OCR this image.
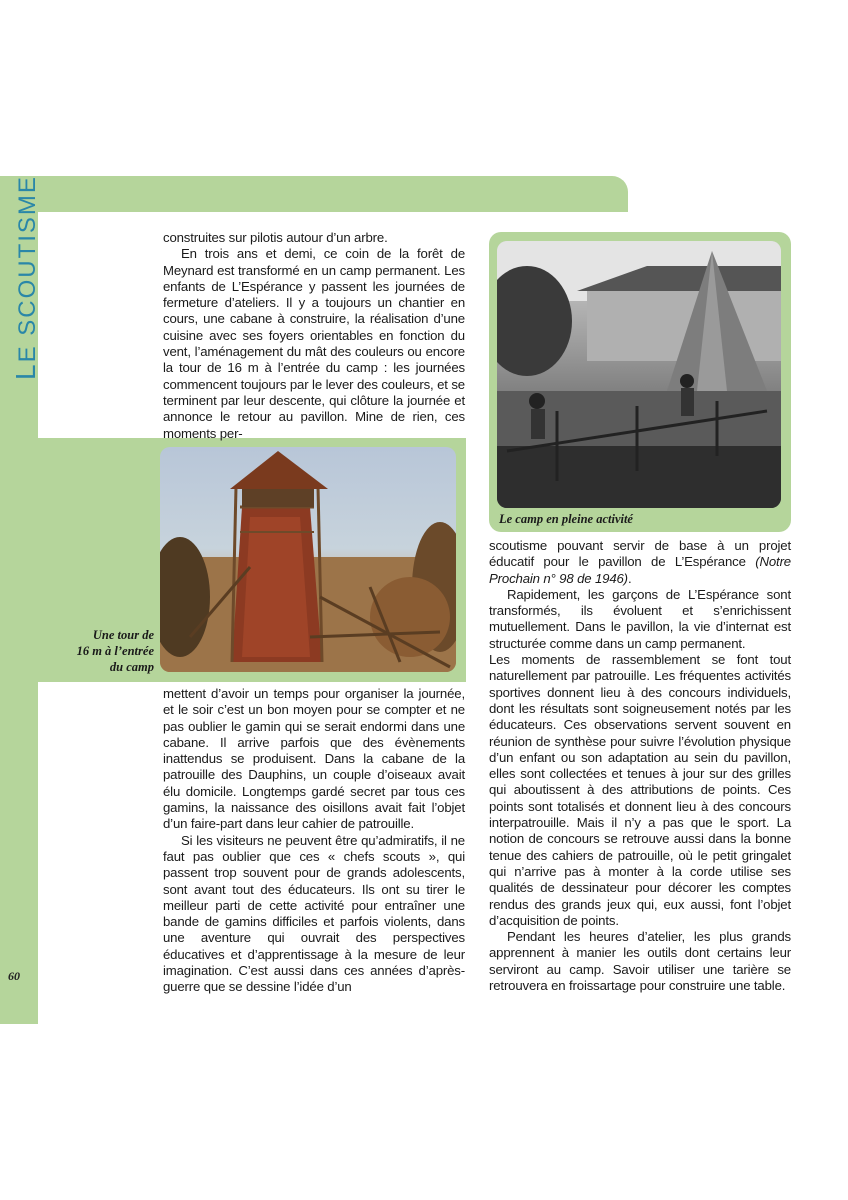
LE SCOUTISME
60
Une tour de
16 m à l’entrée
du camp
Le camp en pleine activité

construites sur pilotis autour d’un arbre.

En trois ans et demi, ce coin de la forêt de Meynard est transformé en un camp permanent. Les enfants de L’Espérance y passent les journées de fermeture d’ateliers. Il y a toujours un chantier en cours, une cabane à construire, la réalisation d’une cuisine avec ses foyers orientables en fonction du vent, l’aménagement du mât des couleurs ou encore la tour de 16 m à l’entrée du camp : les journées commencent toujours par le lever des couleurs, et se terminent par leur descente, qui clôture la journée et annonce le retour au pavillon. Mine de rien, ces moments per-

mettent d’avoir un temps pour organiser la journée, et le soir c’est un bon moyen pour se compter et ne pas oublier le gamin qui se serait endormi dans une cabane. Il arrive parfois que des évènements inattendus se produisent. Dans la cabane de la patrouille des Dauphins, un couple d’oiseaux avait élu domicile. Longtemps gardé secret par tous ces gamins, la naissance des oisillons avait fait l’objet d’un faire-part dans leur cahier de patrouille.

Si les visiteurs ne peuvent être qu’admiratifs, il ne faut pas oublier que ces « chefs scouts », qui passent trop souvent pour de grands adolescents, sont avant tout des éducateurs. Ils ont su tirer le meilleur parti de cette activité pour entraîner une bande de gamins difficiles et parfois violents, dans une aventure qui ouvrait des perspectives éducatives et d’apprentissage à la mesure de leur imagination. C’est aussi dans ces années d’après-guerre que se dessine l’idée d’un

scoutisme pouvant servir de base à un projet éducatif pour le pavillon de L’Espérance (Notre Prochain n° 98 de 1946).

Rapidement, les garçons de L’Espérance sont transformés, ils évoluent et s’enrichissent mutuellement. Dans le pavillon, la vie d’internat est structurée comme dans un camp permanent.

Les moments de rassemblement se font tout naturellement par patrouille. Les fréquentes activités sportives donnent lieu à des concours individuels, dont les résultats sont soigneusement notés par les éducateurs. Ces observations servent souvent en réunion de synthèse pour suivre l’évolution physique d’un enfant ou son adaptation au sein du pavillon, elles sont collectées et tenues à jour sur des grilles qui aboutissent à des attributions de points. Ces points sont totalisés et donnent lieu à des concours interpatrouille. Mais il n’y a pas que le sport. La notion de concours se retrouve aussi dans la bonne tenue des cahiers de patrouille, où le petit gringalet qui n’arrive pas à monter à la corde utilise ses qualités de dessinateur pour décorer les comptes rendus des grands jeux qui, eux aussi, font l’objet d’acquisition de points.

Pendant les heures d’atelier, les plus grands apprennent à manier les outils dont certains leur serviront au camp. Savoir utiliser une tarière se retrouvera en froissartage pour construire une table.
